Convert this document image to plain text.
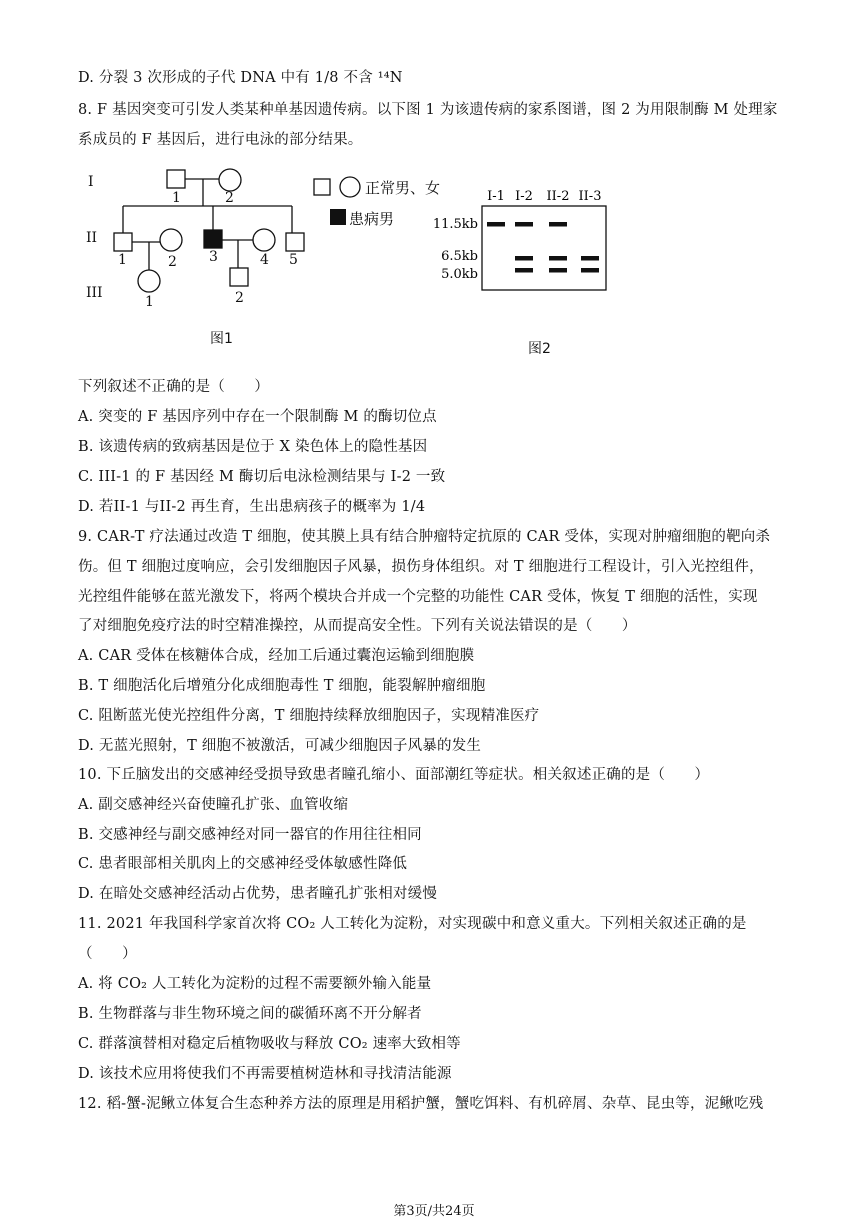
D. 分裂 3 次形成的子代 DNA 中有 1/8 不含 ¹⁴N
8. F 基因突变可引发人类某种单基因遗传病。以下图 1 为该遗传病的家系图谱，图 2 为用限制酶 M 处理家
系成员的 F 基因后，进行电泳的部分结果。
I
II
III
1	2
1	2 3	4 5
1	2
正常男、女
患病男
图1
I-1 I-2 II-2 II-3
11.5kb
6.5kb
5.0kb
图2
下列叙述不正确的是（　　）
A. 突变的 F 基因序列中存在一个限制酶 M 的酶切位点
B. 该遗传病的致病基因是位于 X 染色体上的隐性基因
C. III-1 的 F 基因经 M 酶切后电泳检测结果与 I-2 一致
D. 若II-1 与II-2 再生育，生出患病孩子的概率为 1/4
9. CAR-T 疗法通过改造 T 细胞，使其膜上具有结合肿瘤特定抗原的 CAR 受体，实现对肿瘤细胞的靶向杀
伤。但 T 细胞过度响应，会引发细胞因子风暴，损伤身体组织。对 T 细胞进行工程设计，引入光控组件，
光控组件能够在蓝光激发下，将两个模块合并成一个完整的功能性 CAR 受体，恢复 T 细胞的活性，实现
了对细胞免疫疗法的时空精准操控，从而提高安全性。下列有关说法错误的是（　　）
A. CAR 受体在核糖体合成，经加工后通过囊泡运输到细胞膜
B. T 细胞活化后增殖分化成细胞毒性 T 细胞，能裂解肿瘤细胞
C. 阻断蓝光使光控组件分离，T 细胞持续释放细胞因子，实现精准医疗
D. 无蓝光照射，T 细胞不被激活，可减少细胞因子风暴的发生
10. 下丘脑发出的交感神经受损导致患者瞳孔缩小、面部潮红等症状。相关叙述正确的是（　　）
A. 副交感神经兴奋使瞳孔扩张、血管收缩
B. 交感神经与副交感神经对同一器官的作用往往相同
C. 患者眼部相关肌肉上的交感神经受体敏感性降低
D. 在暗处交感神经活动占优势，患者瞳孔扩张相对缓慢
11. 2021 年我国科学家首次将 CO₂ 人工转化为淀粉，对实现碳中和意义重大。下列相关叙述正确的是
（　　）
A. 将 CO₂ 人工转化为淀粉的过程不需要额外输入能量
B. 生物群落与非生物环境之间的碳循环离不开分解者
C. 群落演替相对稳定后植物吸收与释放 CO₂ 速率大致相等
D. 该技术应用将使我们不再需要植树造林和寻找清洁能源
12. 稻-蟹-泥鳅立体复合生态种养方法的原理是用稻护蟹，蟹吃饵料、有机碎屑、杂草、昆虫等，泥鳅吃残
第3页/共24页
